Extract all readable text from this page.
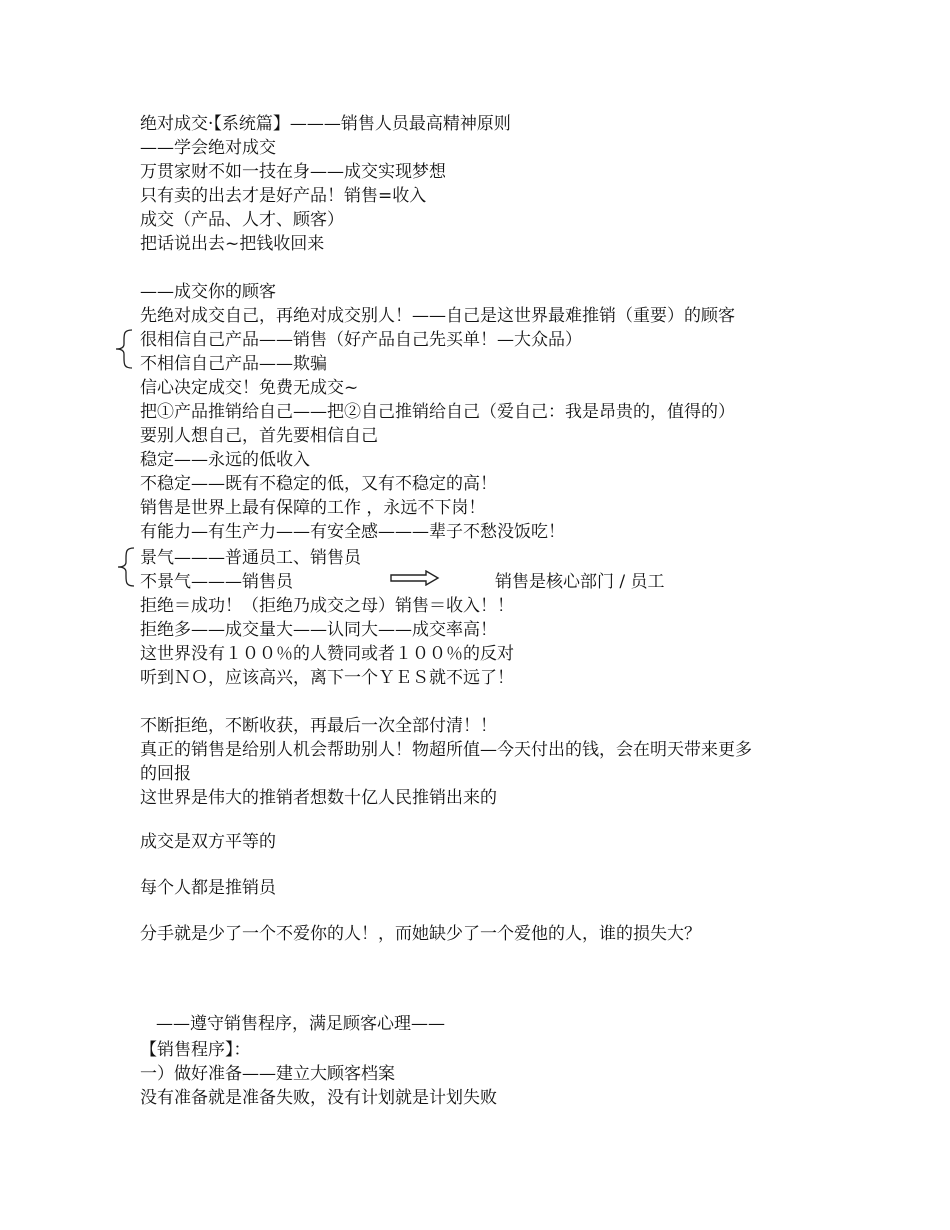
绝对成交·【系统篇】———销售人员最高精神原则
——学会绝对成交
万贯家财不如一技在身——成交实现梦想
只有卖的出去才是好产品！销售=收入
成交（产品、人才、顾客）
把话说出去~把钱收回来
——成交你的顾客
先绝对成交自己，再绝对成交别人！——自己是这世界最难推销（重要）的顾客
很相信自己产品——销售（好产品自己先买单！—大众品）
不相信自己产品——欺骗
信心决定成交！免费无成交~
把①产品推销给自己——把②自己推销给自己（爱自己：我是昂贵的，值得的）
要别人想自己，首先要相信自己
稳定——永远的低收入
不稳定——既有不稳定的低，又有不稳定的高！
销售是世界上最有保障的工作 ，永远不下岗！
有能力—有生产力——有安全感———辈子不愁没饭吃！
景气———普通员工、销售员
不景气———销售员	销售是核心部门 / 员工
拒绝＝成功！（拒绝乃成交之母）销售＝收入！！
拒绝多——成交量大——认同大——成交率高！
这世界没有１００％的人赞同或者１００％的反对
听到ＮＯ，应该高兴，离下一个ＹＥＳ就不远了！
不断拒绝，不断收获，再最后一次全部付清！！
真正的销售是给别人机会帮助别人！物超所值—今天付出的钱，会在明天带来更多
的回报
这世界是伟大的推销者想数十亿人民推销出来的
成交是双方平等的
每个人都是推销员
分手就是少了一个不爱你的人！，而她缺少了一个爱他的人，谁的损失大？
——遵守销售程序，满足顾客心理——
【销售程序】：
一）做好准备——建立大顾客档案
没有准备就是准备失败，没有计划就是计划失败
